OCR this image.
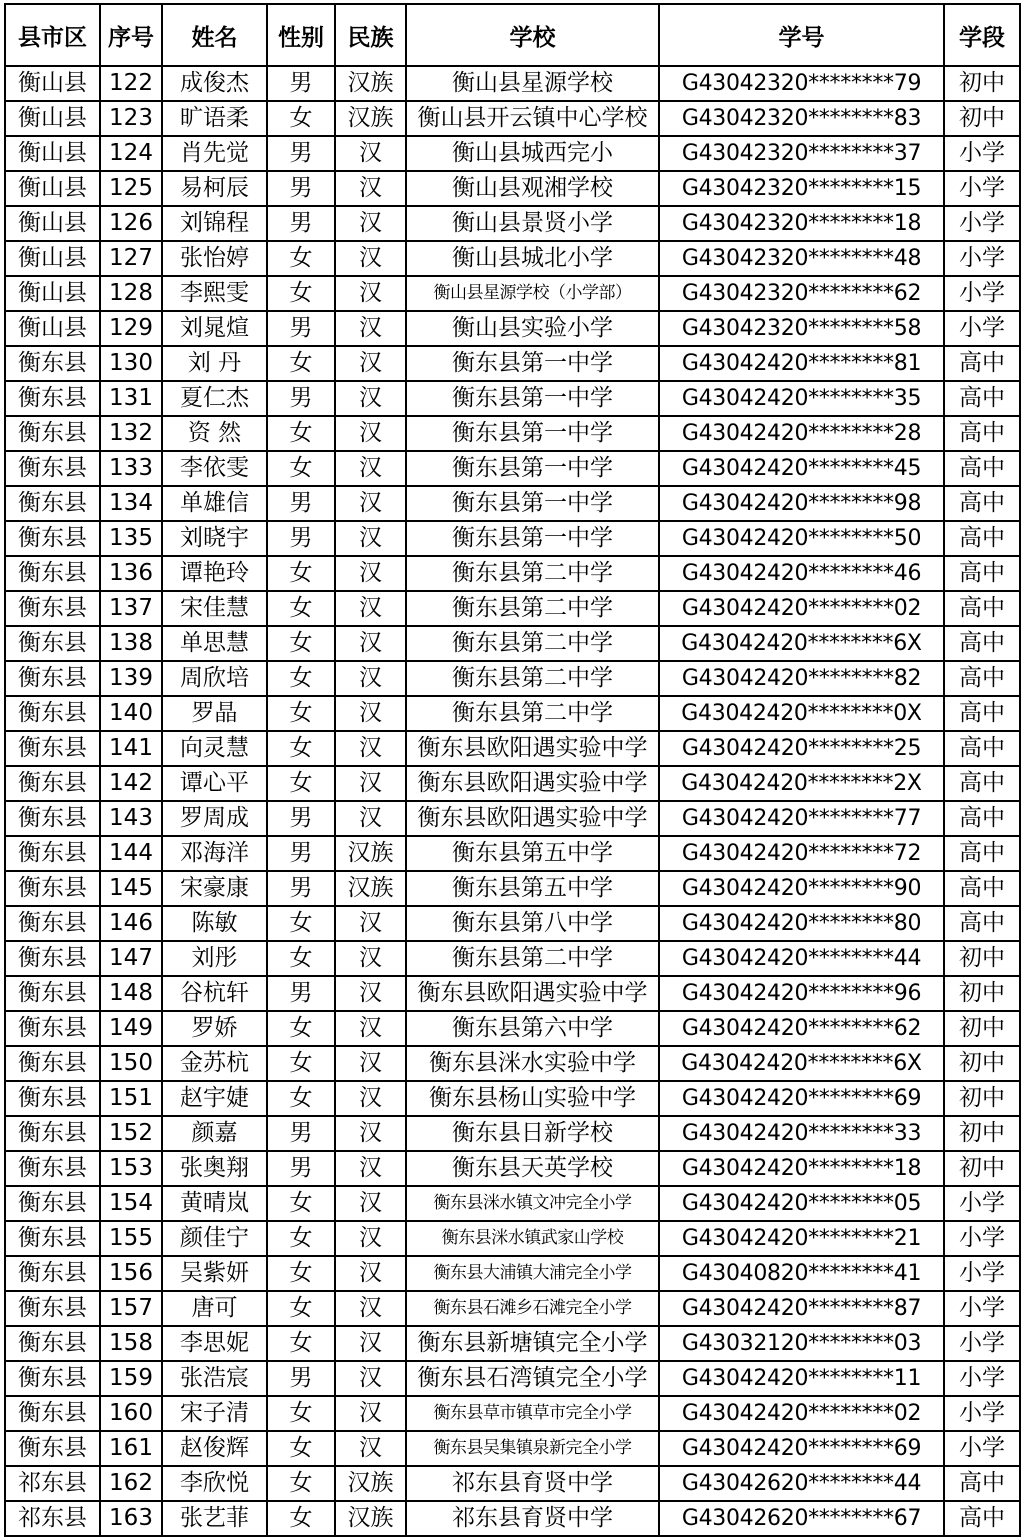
县市区	序号	姓名	性别	民族	学校	学号	学段
衡山县	122	成俊杰	男	汉族	衡山县星源学校	G43042320********79	初中
衡山县	123	旷语柔	女	汉族	衡山县开云镇中心学校	G43042320********83	初中
衡山县	124	肖先觉	男	汉	衡山县城西完小	G43042320********37	小学
衡山县	125	易柯辰	男	汉	衡山县观湘学校	G43042320********15	小学
衡山县	126	刘锦程	男	汉	衡山县景贤小学	G43042320********18	小学
衡山县	127	张怡婷	女	汉	衡山县城北小学	G43042320********48	小学
衡山县	128	李熙雯	女	汉	衡山县星源学校（小学部）	G43042320********62	小学
衡山县	129	刘晁煊	男	汉	衡山县实验小学	G43042320********58	小学
衡东县	130	刘 丹	女	汉	衡东县第一中学	G43042420********81	高中
衡东县	131	夏仁杰	男	汉	衡东县第一中学	G43042420********35	高中
衡东县	132	资 然	女	汉	衡东县第一中学	G43042420********28	高中
衡东县	133	李依雯	女	汉	衡东县第一中学	G43042420********45	高中
衡东县	134	单雄信	男	汉	衡东县第一中学	G43042420********98	高中
衡东县	135	刘晓宇	男	汉	衡东县第一中学	G43042420********50	高中
衡东县	136	谭艳玲	女	汉	衡东县第二中学	G43042420********46	高中
衡东县	137	宋佳慧	女	汉	衡东县第二中学	G43042420********02	高中
衡东县	138	单思慧	女	汉	衡东县第二中学	G43042420********6X	高中
衡东县	139	周欣培	女	汉	衡东县第二中学	G43042420********82	高中
衡东县	140	罗晶	女	汉	衡东县第二中学	G43042420********0X	高中
衡东县	141	向灵慧	女	汉	衡东县欧阳遇实验中学	G43042420********25	高中
衡东县	142	谭心平	女	汉	衡东县欧阳遇实验中学	G43042420********2X	高中
衡东县	143	罗周成	男	汉	衡东县欧阳遇实验中学	G43042420********77	高中
衡东县	144	邓海洋	男	汉族	衡东县第五中学	G43042420********72	高中
衡东县	145	宋豪康	男	汉族	衡东县第五中学	G43042420********90	高中
衡东县	146	陈敏	女	汉	衡东县第八中学	G43042420********80	高中
衡东县	147	刘彤	女	汉	衡东县第二中学	G43042420********44	初中
衡东县	148	谷杭轩	男	汉	衡东县欧阳遇实验中学	G43042420********96	初中
衡东县	149	罗娇	女	汉	衡东县第六中学	G43042420********62	初中
衡东县	150	金苏杭	女	汉	衡东县洣水实验中学	G43042420********6X	初中
衡东县	151	赵宇婕	女	汉	衡东县杨山实验中学	G43042420********69	初中
衡东县	152	颜嘉	男	汉	衡东县日新学校	G43042420********33	初中
衡东县	153	张奥翔	男	汉	衡东县天英学校	G43042420********18	初中
衡东县	154	黄晴岚	女	汉	衡东县洣水镇文冲完全小学	G43042420********05	小学
衡东县	155	颜佳宁	女	汉	衡东县洣水镇武家山学校	G43042420********21	小学
衡东县	156	吴紫妍	女	汉	衡东县大浦镇大浦完全小学	G43040820********41	小学
衡东县	157	唐可	女	汉	衡东县石滩乡石滩完全小学	G43042420********87	小学
衡东县	158	李思妮	女	汉	衡东县新塘镇完全小学	G43032120********03	小学
衡东县	159	张浩宸	男	汉	衡东县石湾镇完全小学	G43042420********11	小学
衡东县	160	宋子清	女	汉	衡东县草市镇草市完全小学	G43042420********02	小学
衡东县	161	赵俊辉	女	汉	衡东县吴集镇泉新完全小学	G43042420********69	小学
祁东县	162	李欣悦	女	汉族	祁东县育贤中学	G43042620********44	高中
祁东县	163	张艺菲	女	汉族	祁东县育贤中学	G43042620********67	高中
